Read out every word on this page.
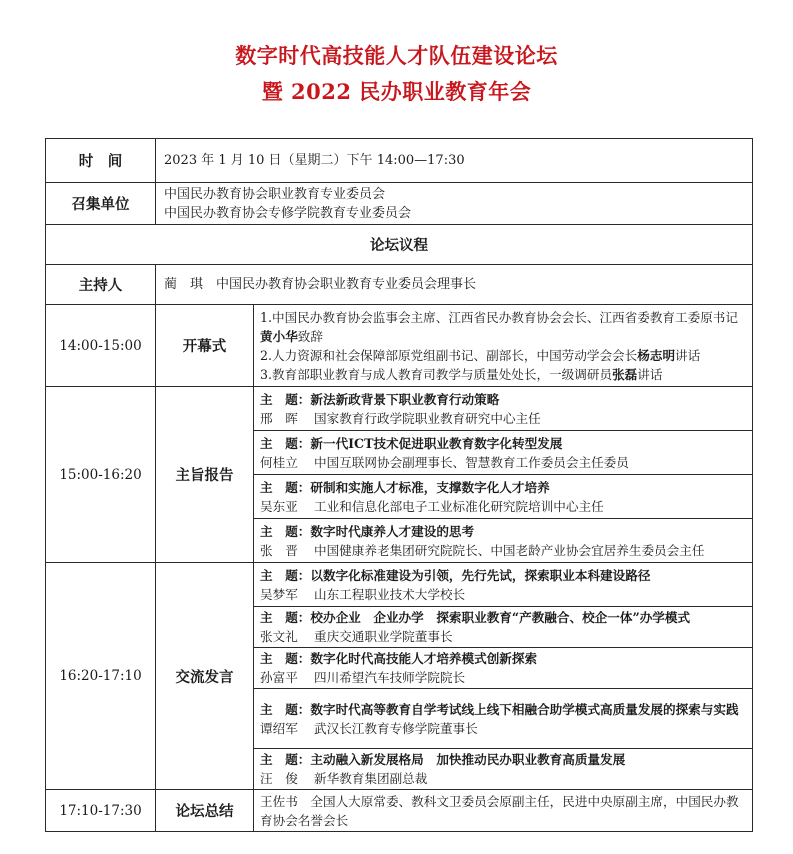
数字时代高技能人才队伍建设论坛
暨 2022 民办职业教育年会
时　间	2023 年 1 月 10 日（星期二）下午 14:00—17:30	
召集单位	中国民办教育协会职业教育专业委员会
中国民办教育协会专修学院教育专业委员会	

论坛议程		
主持人	蔺　琪　中国民办教育协会职业教育专业委员会理事长	
14:00-15:00	开幕式	1.中国民办教育协会监事会主席、江西省民办教育协会会长、江西省委教育工委原书记黄小华致辞
2.人力资源和社会保障部原党组副书记、副部长，中国劳动学会会长杨志明讲话
3.教育部职业教育与成人教育司教学与质量处处长，一级调研员张磊讲话

15:00-16:20	主旨报告	主　题：新法新政背景下职业教育行动策略
邢　晖 国家教育行政学院职业教育研究中心主任

		主　题：新一代ICT技术促进职业教育数字化转型发展
何桂立 中国互联网协会副理事长、智慧教育工作委员会主任委员

		主　题：研制和实施人才标准，支撑数字化人才培养
吴东亚 工业和信息化部电子工业标准化研究院培训中心主任

		主　题：数字时代康养人才建设的思考
张　晋 中国健康养老集团研究院院长、中国老龄产业协会宜居养生委员会主任

16:20-17:10	交流发言	主　题：以数字化标准建设为引领，先行先试，探索职业本科建设路径
吴梦军 山东工程职业技术大学校长

		主　题：校办企业　企业办学　探索职业教育“产教融合、校企一体”办学模式
张文礼 重庆交通职业学院董事长

		主　题：数字化时代高技能人才培养模式创新探索
孙富平 四川希望汽车技师学院院长

		主　题：数字时代高等教育自学考试线上线下相融合助学模式高质量发展的探索与实践
谭绍军 武汉长江教育专修学院董事长

		主　题：主动融入新发展格局　加快推动民办职业教育高质量发展
汪　俊 新华教育集团副总裁

17:10-17:30	论坛总结	王佐书　全国人大原常委、教科文卫委员会原副主任，民进中央原副主席，中国民办教育协会名誉会长
